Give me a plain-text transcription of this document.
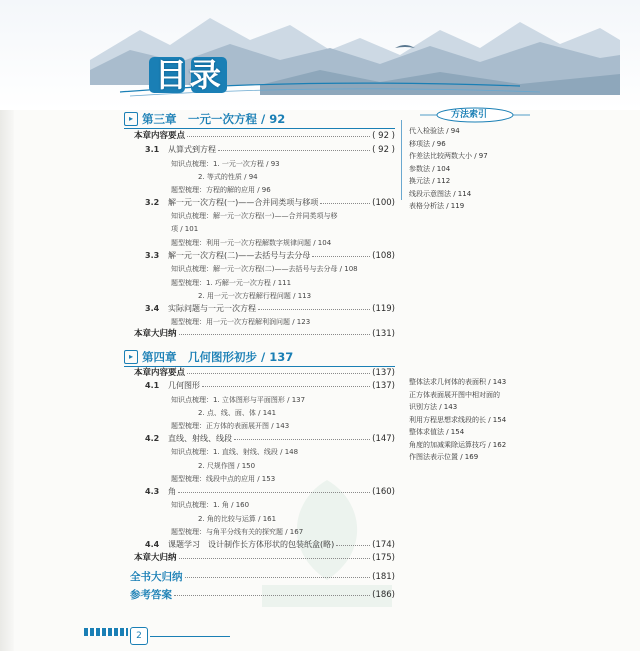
目录
方法索引
代入检验法 / 94
移项法 / 96
作差法比较两数大小 / 97
参数法 / 104
换元法 / 112
线段示意图法 / 114
表格分析法 / 119
整体法求几何体的表面积 / 143
正方体表面展开图中相对面的
识别方法 / 143
利用方程思想求线段的长 / 154
整体求值法 / 154
角度的加减乘除运算技巧 / 162
作图法表示位置 / 169
▸ 第三章　一元一次方程 / 92
本章内容要点	( 92 )
3.1 从算式到方程	( 92 )
知识点梳理：1. 一元一次方程 / 93
2. 等式的性质 / 94
题型梳理：方程的解的应用 / 96
3.2 解一元一次方程(一)——合并同类项与移项	(100)
知识点梳理：解一元一次方程(一)——合并同类项与移
项 / 101
题型梳理：利用一元一次方程解数字规律问题 / 104
3.3 解一元一次方程(二)——去括号与去分母	(108)
知识点梳理：解一元一次方程(二)——去括号与去分母 / 108
题型梳理：1. 巧解一元一次方程 / 111
2. 用一元一次方程解行程问题 / 113
3.4 实际问题与一元一次方程	(119)
题型梳理：用一元一次方程解利润问题 / 123
本章大归纳	(131)
▸ 第四章　几何图形初步 / 137
本章内容要点	(137)
4.1 几何图形	(137)
知识点梳理：1. 立体图形与平面图形 / 137
2. 点、线、面、体 / 141
题型梳理：正方体的表面展开图 / 143
4.2 直线、射线、线段	(147)
知识点梳理：1. 直线、射线、线段 / 148
2. 尺规作图 / 150
题型梳理：线段中点的应用 / 153
4.3 角	(160)
知识点梳理：1. 角 / 160
2. 角的比较与运算 / 161
题型梳理：与角平分线有关的探究题 / 167
4.4 课题学习　设计制作长方体形状的包装纸盒(略)	(174)
本章大归纳	(175)
全书大归纳	(181)
参考答案	(186)
2
